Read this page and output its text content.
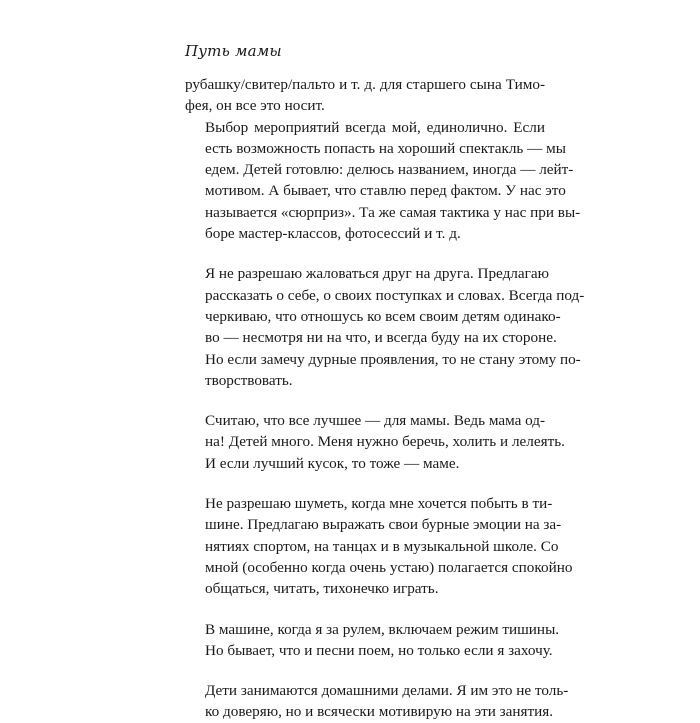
Путь мамы
рубашку/свитер/пальто и т. д. для старшего сына Тимо-
фея, он все это носит.
Выбор мероприятий всегда мой, единолично. Если
есть возможность попасть на хороший спектакль — мы
едем. Детей готовлю: делюсь названием, иногда — лейт-
мотивом. А бывает, что ставлю перед фактом. У нас это
называется «сюрприз». Та же самая тактика у нас при вы-
боре мастер-классов, фотосессий и т. д.
Я не разрешаю жаловаться друг на друга. Предлагаю
рассказать о себе, о своих поступках и словах. Всегда под-
черкиваю, что отношусь ко всем своим детям одинако-
во — несмотря ни на что, и всегда буду на их стороне.
Но если замечу дурные проявления, то не стану этому по-
творствовать.
Считаю, что все лучшее — для мамы. Ведь мама од-
на! Детей много. Меня нужно беречь, холить и лелеять.
И если лучший кусок, то тоже — маме.
Не разрешаю шуметь, когда мне хочется побыть в ти-
шине. Предлагаю выражать свои бурные эмоции на за-
нятиях спортом, на танцах и в музыкальной школе. Со
мной (особенно когда очень устаю) полагается спокойно
общаться, читать, тихонечко играть.
В машине, когда я за рулем, включаем режим тишины.
Но бывает, что и песни поем, но только если я захочу.
Дети занимаются домашними делами. Я им это не толь-
ко доверяю, но и всячески мотивирую на эти занятия.
